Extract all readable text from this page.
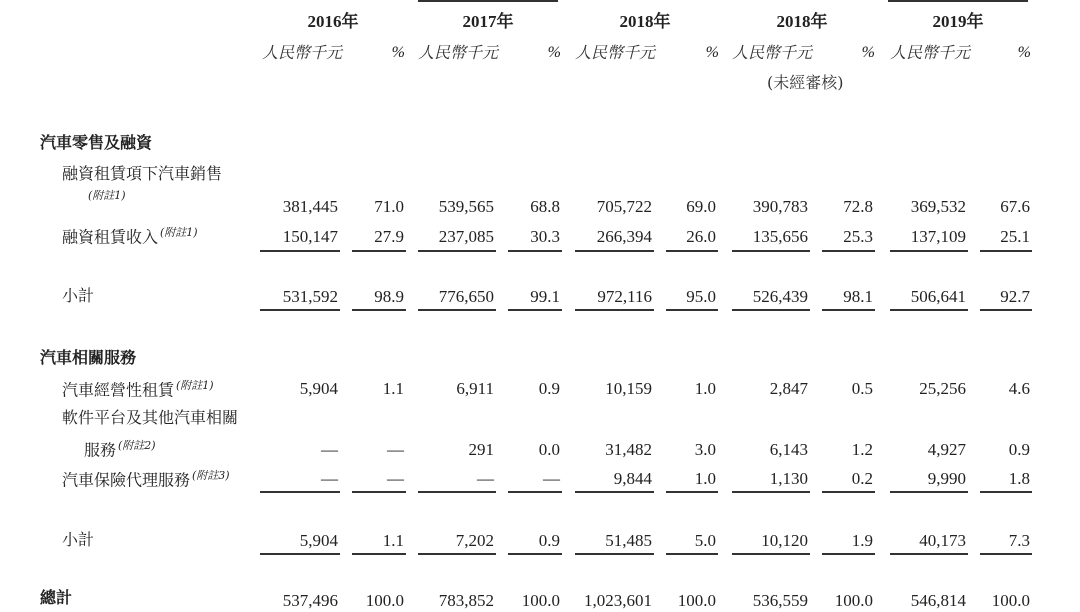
2016年	2017年	2018年	2018年	2019年
人民幣千元	% 人民幣千元	% 人民幣千元	% 人民幣千元	% 人民幣千元	%
(未經審核)
汽車零售及融資
融資租賃項下汽車銷售
$^{(附註1)}$
381,445	71.0	539,565	68.8	705,722	69.0	390,783	72.8	369,532	67.6
融資租賃收入 $^{(附註1)}$	150,147	27.9	237,085	30.3	266,394	26.0	135,656	25.3	137,109	25.1
小計	531,592	98.9	776,650	99.1	972,116	95.0	526,439	98.1	506,641	92.7
汽車相關服務
汽車經營性租賃 $^{(附註1)}$	5,904	1.1	6,911	0.9	10,159	1.0	2,847	0.5	25,256	4.6
軟件平台及其他汽車相關
服務 $^{(附註2)}$	—	—	291	0.0	31,482	3.0	6,143	1.2	4,927	0.9
汽車保險代理服務 $^{(附註3)}$	—	—	—	—	9,844	1.0	1,130	0.2	9,990	1.8
小計	5,904	1.1	7,202	0.9	51,485	5.0	10,120	1.9	40,173	7.3
總計	537,496	100.0	783,852	100.0	1,023,601	100.0	536,559	100.0	546,814	100.0
